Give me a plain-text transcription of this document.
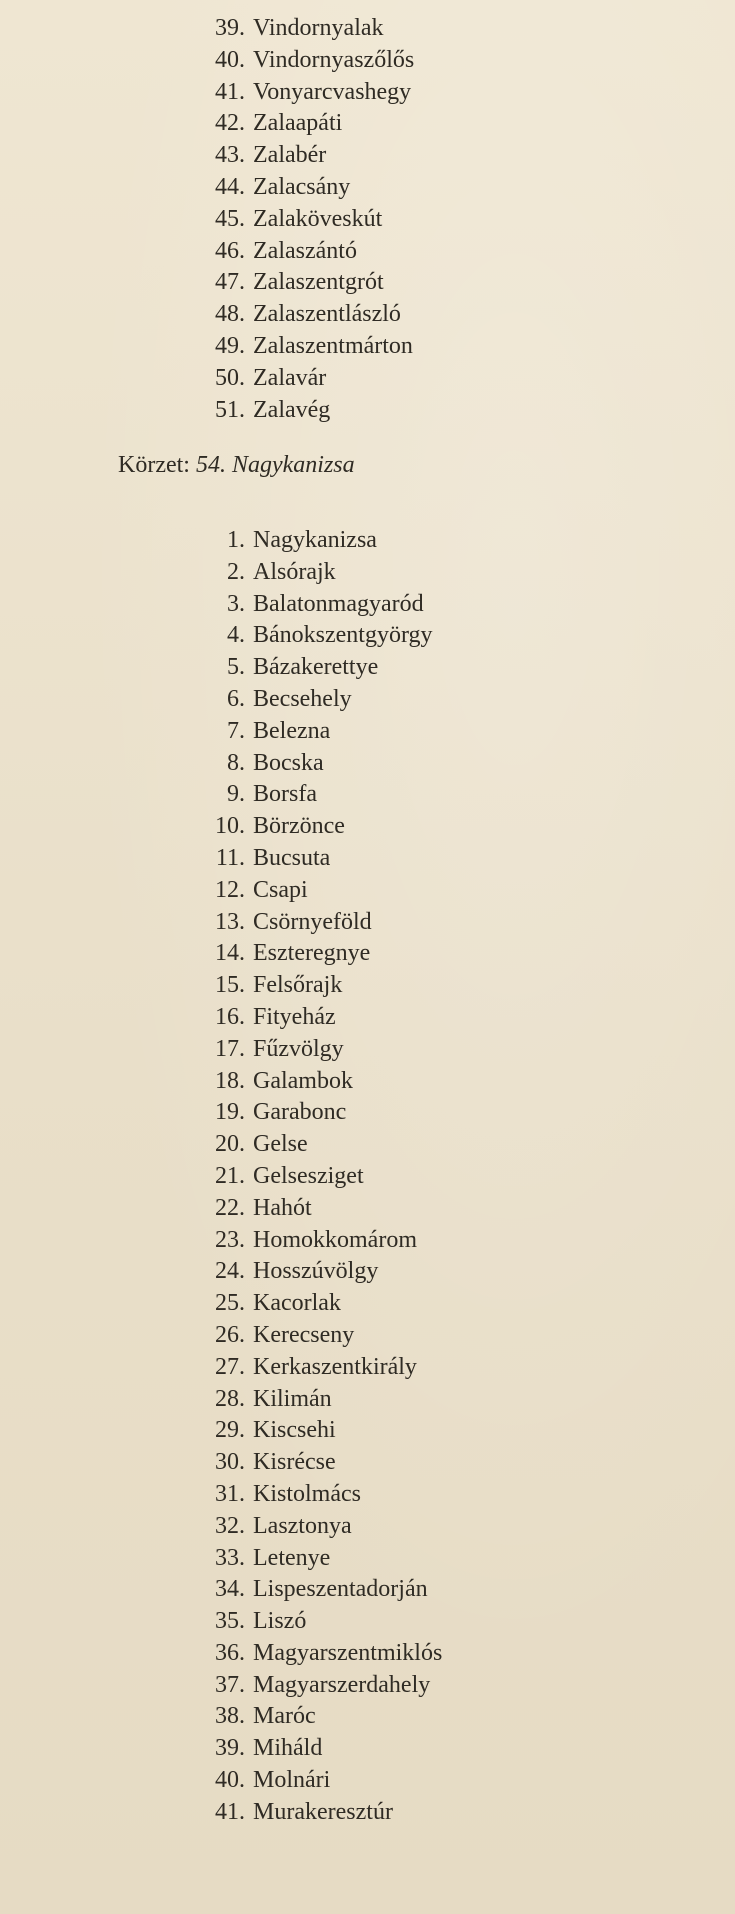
39. Vindornyalak
40. Vindornyaszőlős
41. Vonyarcvashegy
42. Zalaapáti
43. Zalabér
44. Zalacsány
45. Zalaköveskút
46. Zalaszántó
47. Zalaszentgrót
48. Zalaszentlászló
49. Zalaszentmárton
50. Zalavár
51. Zalavég
Körzet: 54. Nagykanizsa
1. Nagykanizsa
2. Alsórajk
3. Balatonmagyaród
4. Bánokszentgyörgy
5. Bázakerettye
6. Becsehely
7. Belezna
8. Bocska
9. Borsfa
10. Börzönce
11. Bucsuta
12. Csapi
13. Csörnyeföld
14. Eszteregnye
15. Felsőrajk
16. Fityeház
17. Fűzvölgy
18. Galambok
19. Garabonc
20. Gelse
21. Gelsesziget
22. Hahót
23. Homokkomárom
24. Hosszúvölgy
25. Kacorlak
26. Kerecseny
27. Kerkaszentkirály
28. Kilimán
29. Kiscsehi
30. Kisrécse
31. Kistolmács
32. Lasztonya
33. Letenye
34. Lispeszentadorján
35. Liszó
36. Magyarszentmiklós
37. Magyarszerdahely
38. Maróc
39. Miháld
40. Molnári
41. Murakeresztúr
